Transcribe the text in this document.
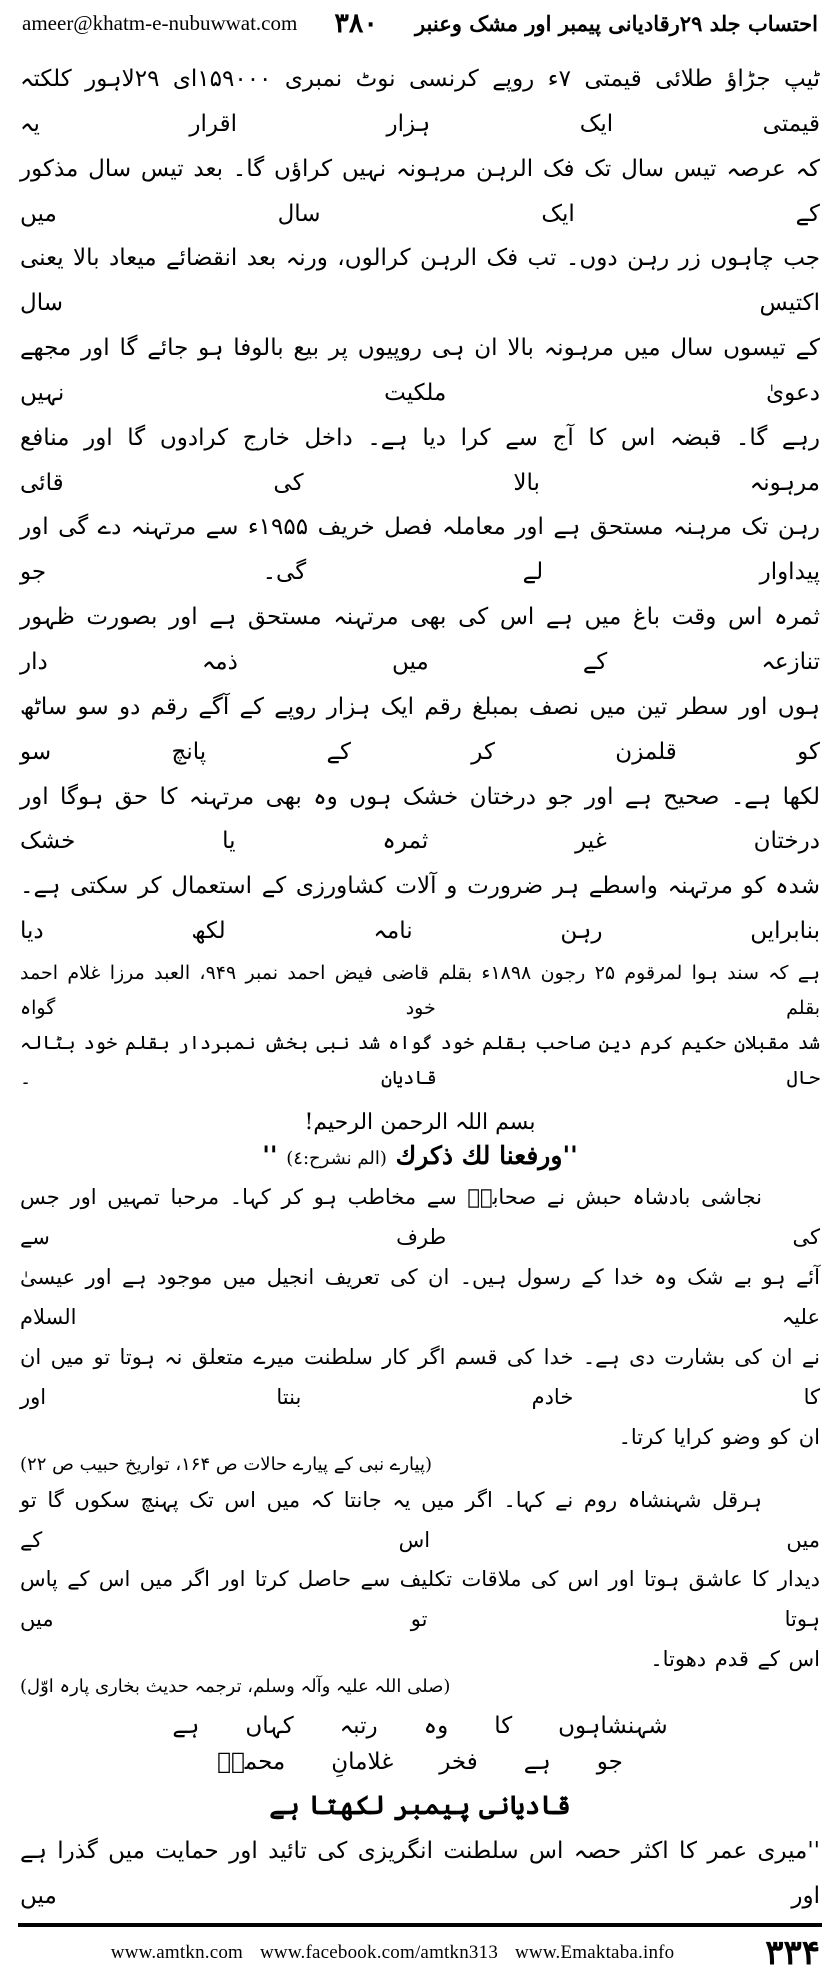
احتساب جلد ۲۹رقادیانی پیمبر اور مشک وعنبر
۳۸۰
ameer@khatm-e-nubuwwat.com
ٹیپ جڑاؤ طلائی قیمتی ۷ء روپے کرنسی نوٹ نمبری ۱۵۹۰۰۰ای ۲۹لاہور کلکتہ قیمتی ایک ہزار اقرار یہ
کہ عرصہ تیس سال تک فک الرہن مرہونہ نہیں کراؤں گا۔ بعد تیس سال مذکور کے ایک سال میں
جب چاہوں زر رہن دوں۔ تب فک الرہن کرالوں، ورنہ بعد انقضائے میعاد بالا یعنی اکتیس سال
کے تیسوں سال میں مرہونہ بالا ان ہی روپیوں پر بیع بالوفا ہو جائے گا اور مجھے دعویٰ ملکیت نہیں
رہے گا۔ قبضہ اس کا آج سے کرا دیا ہے۔ داخل خارج کرادوں گا اور منافع مرہونہ بالا کی قائی
رہن تک مرہنہ مستحق ہے اور معاملہ فصل خریف ۱۹۵۵ء سے مرتہنہ دے گی اور پیداوار لے گی۔ جو
ثمرہ اس وقت باغ میں ہے اس کی بھی مرتہنہ مستحق ہے اور بصورت ظہور تنازعہ کے میں ذمہ دار
ہوں اور سطر تین میں نصف بمبلغ رقم ایک ہزار روپے کے آگے رقم دو سو ساٹھ کو قلمزن کر کے پانچ سو
لکھا ہے۔ صحیح ہے اور جو درختان خشک ہوں وہ بھی مرتہنہ کا حق ہوگا اور درختان غیر ثمرہ یا خشک
شدہ کو مرتہنہ واسطے ہر ضرورت و آلات کشاورزی کے استعمال کر سکتی ہے۔ بنابرایں رہن نامہ لکھ دیا
ہے کہ سند ہوا لمرقوم ۲۵ رجون ۱۸۹۸ء بقلم قاضی فیض احمد نمبر ۹۴۹، العبد مرزا غلام احمد بقلم خود گواہ
شد مقبلان حکیم کرم دین صاحب بقلم خود گواہ شد نبی بخش نمبردار بقلم خود بٹالہ حال قادیان ۔
بسم اللہ الرحمن الرحیم!
''ورفعنا لك ذكرك (الم نشرح:٤) ''
نجاشی بادشاہ حبش نے صحابہؓ سے مخاطب ہو کر کہا۔ مرحبا تمہیں اور جس کی طرف سے
آئے ہو بے شک وہ خدا کے رسول ہیں۔ ان کی تعریف انجیل میں موجود ہے اور عیسیٰ علیہ السلام
نے ان کی بشارت دی ہے۔ خدا کی قسم اگر کار سلطنت میرے متعلق نہ ہوتا تو میں ان کا خادم بنتا اور
ان کو وضو کرایا کرتا۔
(پیارے نبی کے پیارے حالات ص ۱۶۴، تواریخ حبیب ص ۲۲)
ہرقل شہنشاہ روم نے کہا۔ اگر میں یہ جانتا کہ میں اس تک پہنچ سکوں گا تو میں اس کے
دیدار کا عاشق ہوتا اور اس کی ملاقات تکلیف سے حاصل کرتا اور اگر میں اس کے پاس ہوتا تو میں
اس کے قدم دھوتا۔
(صلی اللہ علیہ وآلہ وسلم، ترجمہ حدیث بخاری پارہ اوّل)
شہنشاہوں
کا
وہ
رتبہ
کہاں
ہے
جو
ہے
فخر
غلامانِ
محمدؐ
قادیانی پیمبر لکھتا ہے
''میری عمر کا اکثر حصہ اس سلطنت انگریزی کی تائید اور حمایت میں گذرا ہے اور میں
۳۳۴
www.amtkn.com www.facebook.com/amtkn313 www.Emaktaba.info
